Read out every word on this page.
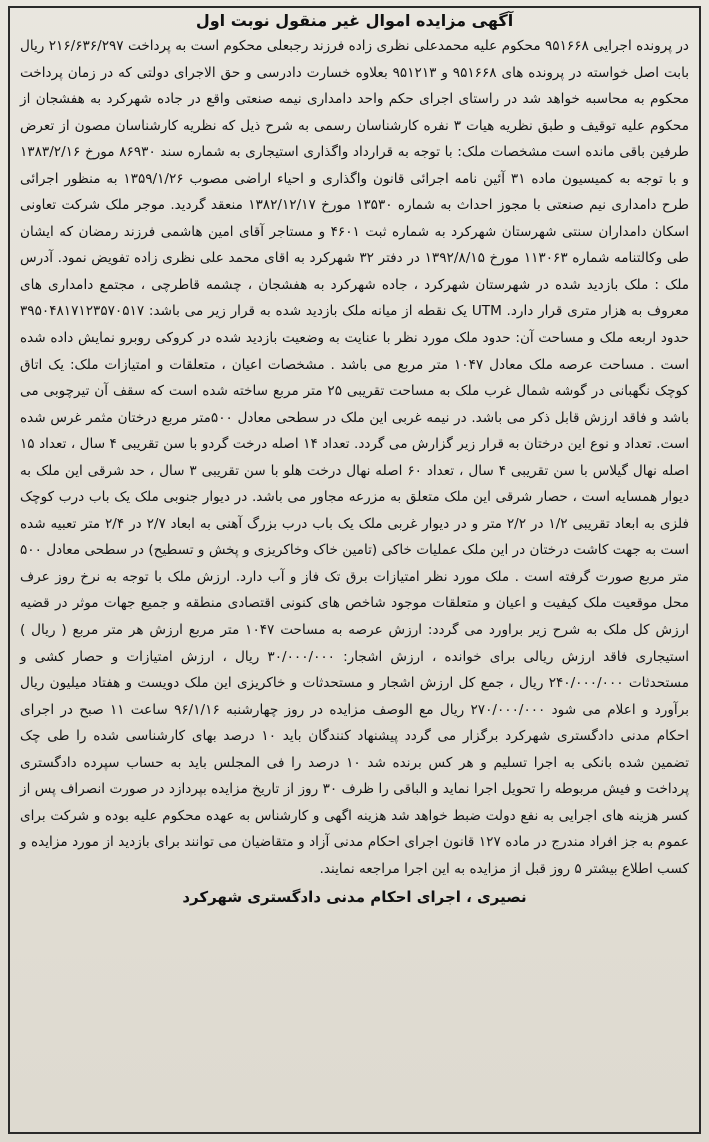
آگهی مزایده اموال غیر منقول نوبت اول

در پرونده اجرایی ۹۵۱۶۶۸ محکوم علیه محمدعلی نظری زاده فرزند رجبعلی محکوم است به پرداخت ۲۱۶/۶۳۶/۲۹۷ ریال بابت اصل خواسته در پرونده های ۹۵۱۶۶۸ و ۹۵۱۲۱۳ بعلاوه خسارت دادرسی و حق الاجرای دولتی که در زمان پرداخت محکوم به محاسبه خواهد شد در راستای اجرای حکم واحد دامداری نیمه صنعتی واقع در جاده شهرکرد به هفشجان از محکوم علیه توقیف و طبق نظریه هیات ۳ نفره کارشناسان رسمی به شرح ذیل که نظریه کارشناسان مصون از تعرض طرفین باقی مانده است مشخصات ملک: با توجه به قرارداد واگذاری استیجاری به شماره سند ۸۶۹۳۰ مورخ ۱۳۸۳/۲/۱۶ و با توجه به کمیسیون ماده ۳۱ آئین نامه اجرائی قانون واگذاری و احیاء اراضی مصوب ۱۳۵۹/۱/۲۶ به منظور اجرائی طرح دامداری نیم صنعتی با مجوز احداث به شماره ۱۳۵۳۰ مورخ ۱۳۸۲/۱۲/۱۷ منعقد گردید. موجر ملک شرکت تعاونی اسکان دامداران سنتی شهرستان شهرکرد به شماره ثبت ۴۶۰۱ و مستاجر آقای امین هاشمی فرزند رمضان که ایشان طی وکالتنامه شماره ۱۱۳۰۶۳ مورخ ۱۳۹۲/۸/۱۵ در دفتر ۳۲ شهرکرد به اقای محمد علی نظری زاده تفویض نمود. آدرس ملک : ملک بازدید شده در شهرستان شهرکرد ، جاده شهرکرد به هفشجان ، چشمه قاطرچی ، مجتمع دامداری های معروف به هزار متری قرار دارد. UTM یک نقطه از میانه ملک بازدید شده به قرار زیر می باشد: ۳۹۵۰۴۸۱۷۱۲۳۵۷۰۵۱۷ حدود اربعه ملک و مساحت آن: حدود ملک مورد نظر با عنایت به وضعیت بازدید شده در کروکی روبرو نمایش داده شده است . مساحت عرصه ملک معادل ۱۰۴۷ متر مربع می باشد . مشخصات اعیان ، متعلقات و امتیازات ملک: یک اتاق کوچک نگهبانی در گوشه شمال غرب ملک به مساحت تقریبی ۲۵ متر مربع ساخته شده است که سقف آن تیرچوبی می باشد و فاقد ارزش قابل ذکر می باشد. در نیمه غربی این ملک در سطحی معادل ۵۰۰متر مربع درختان مثمر غرس شده است. تعداد و نوع این درختان به قرار زیر گزارش می گردد. تعداد ۱۴ اصله درخت گردو با سن تقریبی ۴ سال ، تعداد ۱۵ اصله نهال گیلاس با سن تقریبی ۴ سال ، تعداد ۶۰ اصله نهال درخت هلو با سن تقریبی ۳ سال ، حد شرقی این ملک به دیوار همسایه است ، حصار شرقی این ملک متعلق به مزرعه مجاور می باشد. در دیوار جنوبی ملک یک باب درب کوچک فلزی به ابعاد تقریبی ۱/۲ در ۲/۲ متر و در دیوار غربی ملک یک باب درب بزرگ آهنی به ابعاد ۲/۷ در ۲/۴ متر تعبیه شده است به جهت کاشت درختان در این ملک عملیات خاکی (تامین خاک وخاکریزی و پخش و تسطیح) در سطحی معادل ۵۰۰ متر مربع صورت گرفته است . ملک مورد نظر امتیازات برق تک فاز و آب دارد. ارزش ملک با توجه به نرخ روز عرف محل موقعیت ملک کیفیت و اعیان و متعلقات موجود شاخص های کنونی اقتصادی منطقه و جمیع جهات موثر در قضیه ارزش کل ملک به شرح زیر براورد می گردد: ارزش عرصه به مساحت ۱۰۴۷ متر مربع ارزش هر متر مربع ( ریال ) استیجاری فاقد ارزش ریالی برای خوانده ، ارزش اشجار: ۳۰/۰۰۰/۰۰۰ ریال ، ارزش امتیازات و حصار کشی و مستحدثات ۲۴۰/۰۰۰/۰۰۰ ریال ، جمع کل ارزش اشجار و مستحدثات و خاکریزی این ملک دویست و هفتاد میلیون ریال برآورد و اعلام می شود ۲۷۰/۰۰۰/۰۰۰ ریال مع الوصف مزایده در روز چهارشنبه ۹۶/۱/۱۶ ساعت ۱۱ صبح در اجرای احکام مدنی دادگستری شهرکرد برگزار می گردد پیشنهاد کنندگان باید ۱۰ درصد بهای کارشناسی شده را طی چک تضمین شده بانکی به اجرا تسلیم و هر کس برنده شد ۱۰ درصد را فی المجلس باید به حساب سپرده دادگستری پرداخت و فیش مربوطه را تحویل اجرا نماید و الباقی را ظرف ۳۰ روز از تاریخ مزایده بپردازد در صورت انصراف پس از کسر هزینه های اجرایی به نفع دولت ضبط خواهد شد هزینه اگهی و کارشناس به عهده محکوم علیه بوده و شرکت برای عموم به جز افراد مندرج در ماده ۱۲۷ قانون اجرای احکام مدنی آزاد و متقاضیان می توانند برای بازدید از مورد مزایده و کسب اطلاع بیشتر ۵ روز قبل از مزایده به این اجرا مراجعه نمایند.

نصیری ، اجرای احکام مدنی دادگستری شهرکرد
